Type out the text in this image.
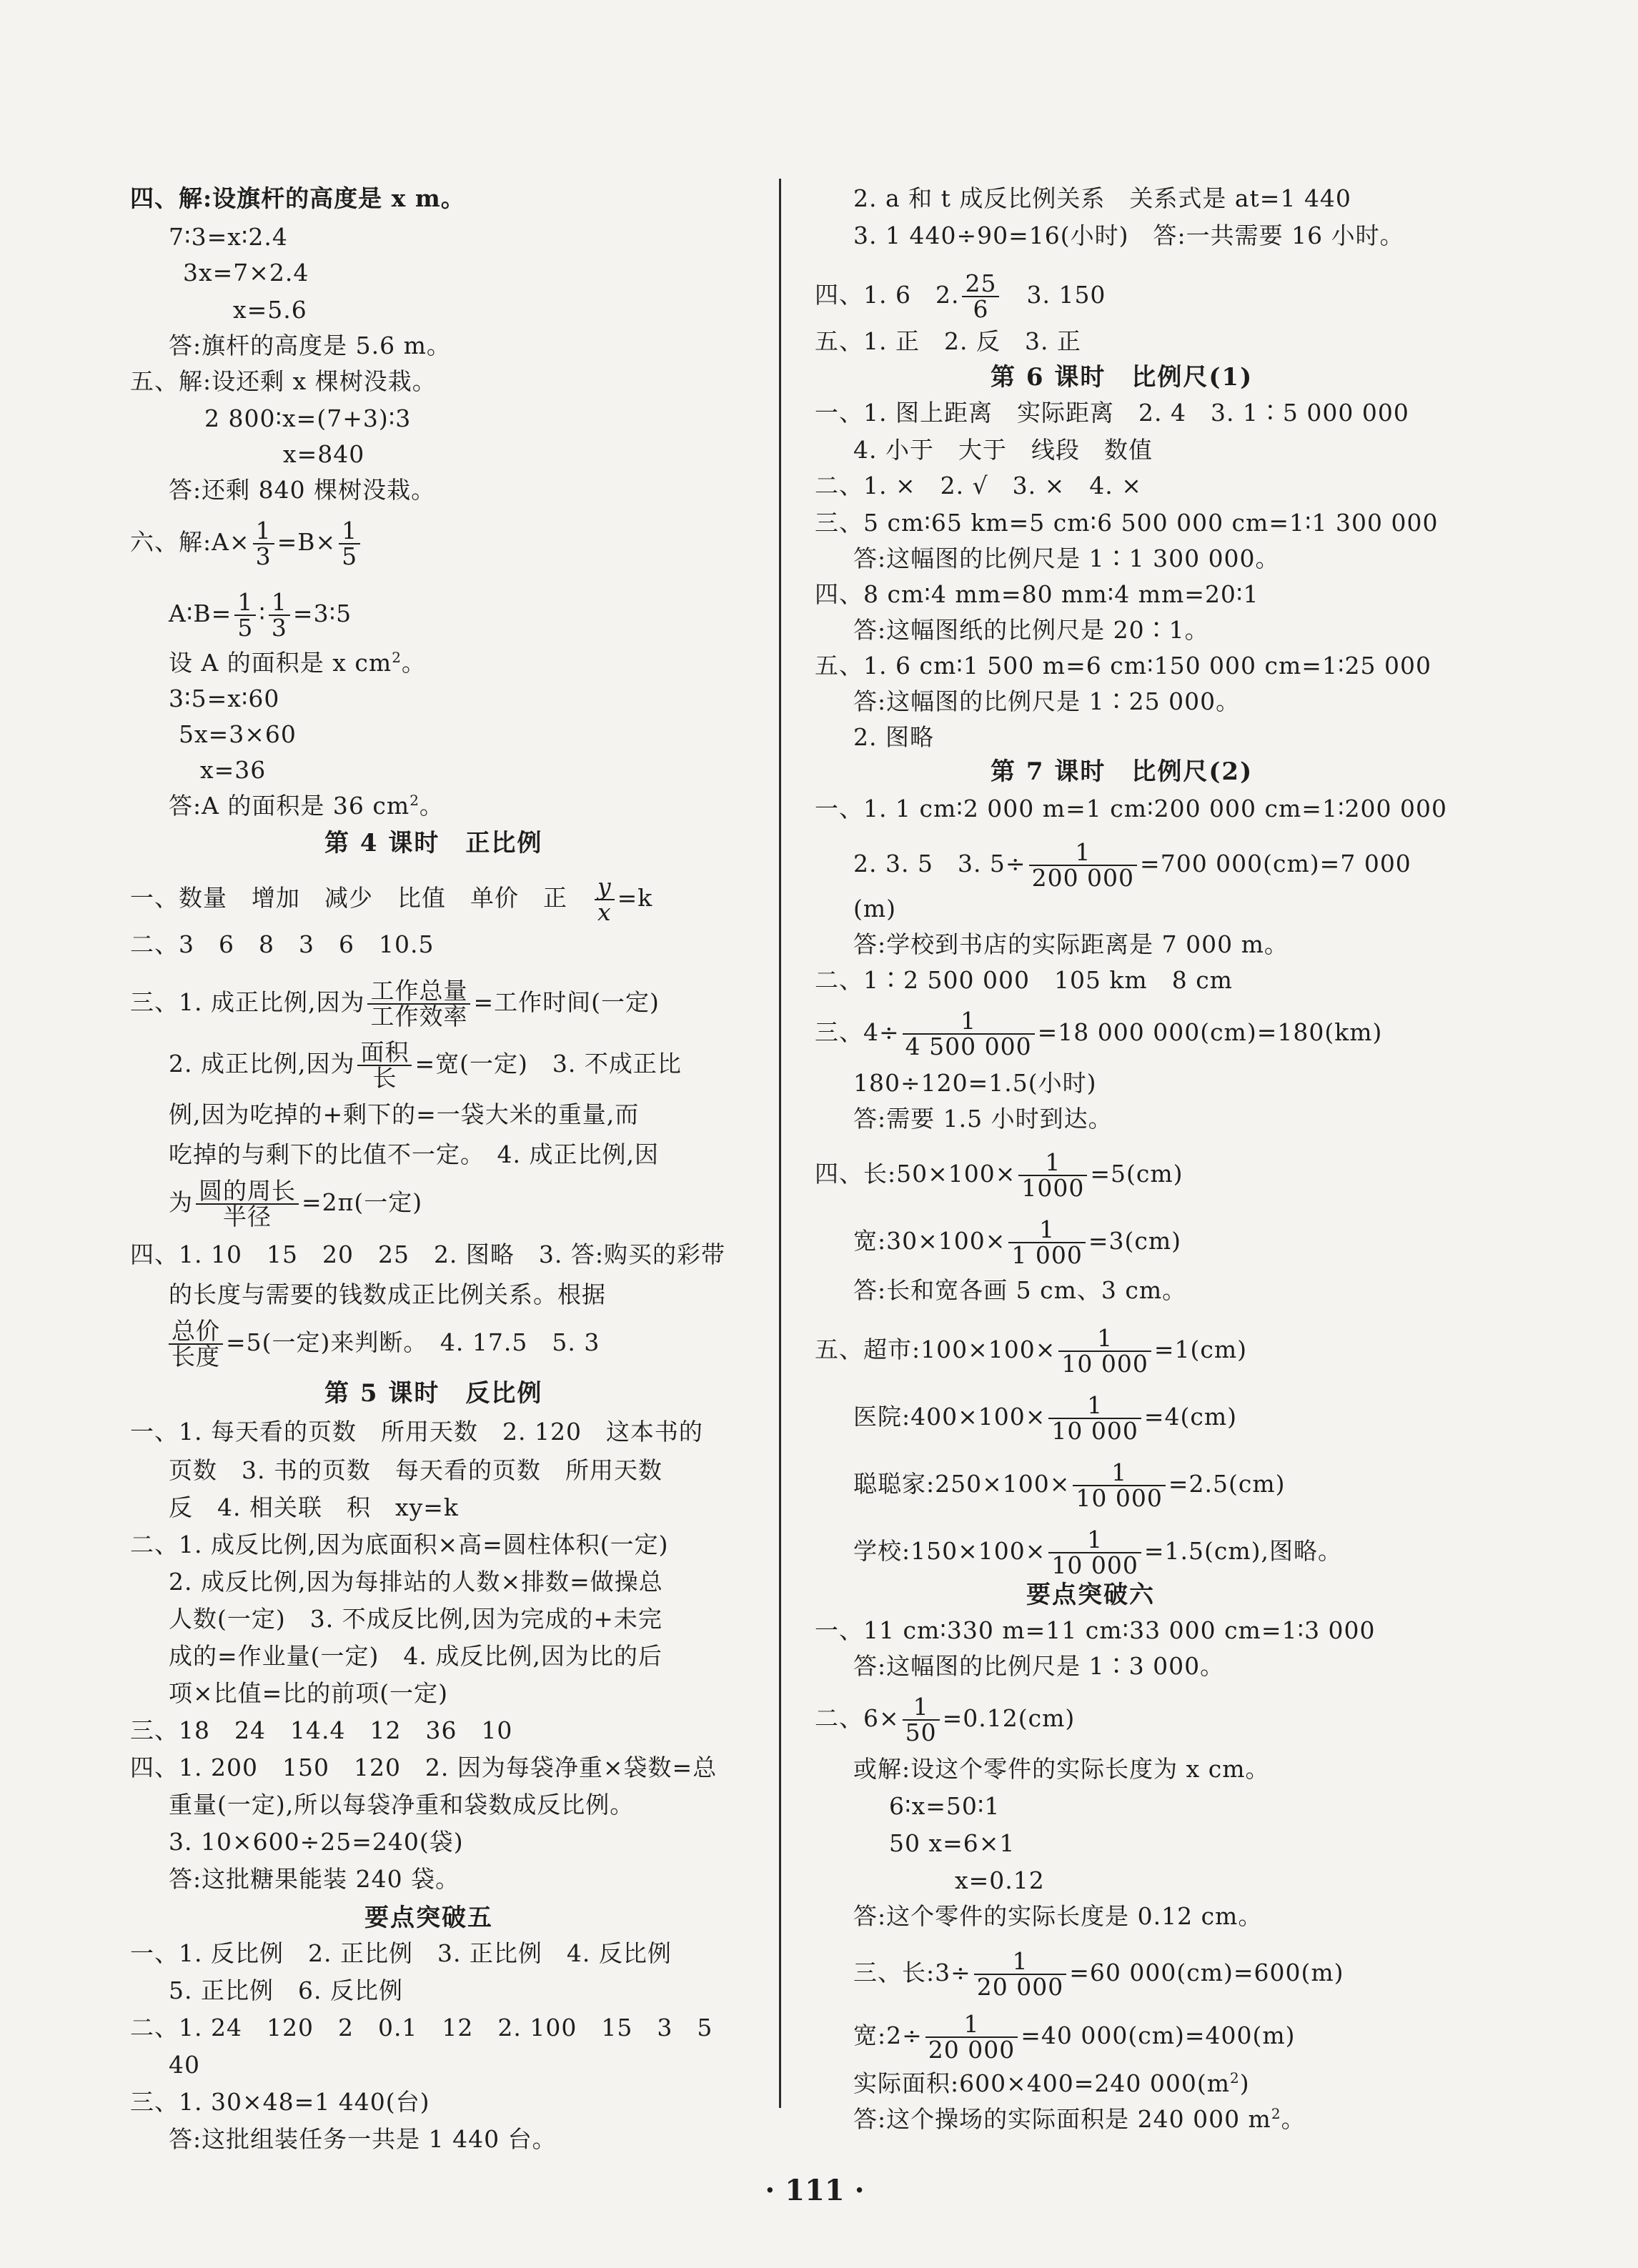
四、解:设旗杆的高度是 x m。
7∶3=x∶2.4
3x=7×2.4
x=5.6
答:旗杆的高度是 5.6 m。
五、解:设还剩 x 棵树没栽。
2 800∶x=(7+3)∶3
x=840
答:还剩 840 棵树没栽。
六、解:A× $\frac{1}{3} =B\times \frac{1}{5}$
A∶B= $\frac{1}{5}$ ∶ $\frac{1}{3}$ =3∶5
设 A 的面积是 x $cm^2$。
3∶5=x∶60
5x=3×60
x=36
答:A 的面积是 36 $cm^2$。
第 4 课时　正比例
一、数量　增加　减少　比值　单价　正　 $\frac{y}{x} =k$
二、3　6　8　3　6　10.5
三、1. 成正比例,因为 $\frac{\text{工作总量}}{\text{工作效率}}$ =工作时间(一定)
2. 成正比例,因为 $\frac{\text{面积}}{\text{长}}$ =宽(一定)　3. 不成正比
例,因为吃掉的+剩下的=一袋大米的重量,而
吃掉的与剩下的比值不一定。　4. 成正比例,因
为 $\frac{\text{圆的周长}}{\text{半径}} =2\pi$(一定)
四、1. 10　15　20　25　2. 图略　3. 答:购买的彩带
的长度与需要的钱数成正比例关系。根据
$\frac{\text{总价}}{\text{长度}} =5$(一定)来判断。　4. 17.5　5. 3
第 5 课时　反比例
一、1. 每天看的页数　所用天数　2. 120　这本书的
页数　3. 书的页数　每天看的页数　所用天数
反　4. 相关联　积　xy=k
二、1. 成反比例,因为底面积×高=圆柱体积(一定)
2. 成反比例,因为每排站的人数×排数=做操总
人数(一定)　3. 不成反比例,因为完成的+未完
成的=作业量(一定)　4. 成反比例,因为比的后
项×比值=比的前项(一定)
三、18　24　14.4　12　36　10
四、1. 200　150　120　2. 因为每袋净重×袋数=总
重量(一定),所以每袋净重和袋数成反比例。
3. 10×600÷25=240(袋)
答:这批糖果能装 240 袋。
要点突破五
一、1. 反比例　2. 正比例　3. 正比例　4. 反比例
5. 正比例　6. 反比例
二、1. 24　120　2　0.1　12　2. 100　15　3　5
40
三、1. 30×48=1 440(台)
答:这批组装任务一共是 1 440 台。
2. a 和 t 成反比例关系　关系式是 at=1 440
3. 1 440÷90=16(小时)　答:一共需要 16 小时。
四、1. 6　2. $\frac{25}{6}$
　 3. 150
五、1. 正　2. 反　3. 正
第 6 课时　比例尺(1)
一、1. 图上距离　实际距离　2. 4　3. 1∶5 000 000
4. 小于　大于　线段　数值
二、1. ×　2. √　3. ×　4. ×
三、5 cm∶65 km=5 cm∶6 500 000 cm=1∶1 300 000
答:这幅图的比例尺是 1∶1 300 000。
四、8 cm∶4 mm=80 mm∶4 mm=20∶1
答:这幅图纸的比例尺是 20∶1。
五、1. 6 cm∶1 500 m=6 cm∶150 000 cm=1∶25 000
答:这幅图的比例尺是 1∶25 000。
2. 图略
第 7 课时　比例尺(2)
一、1. 1 cm∶2 000 m=1 cm∶200 000 cm=1∶200 000
2. 3. 5　3. $5\div \frac{1}{200 000} =700$ 000(cm)=7 000
(m)
答:学校到书店的实际距离是 7 000 m。
二、1∶2 500 000　105 km　8 cm
三、$4\div \frac{1}{4 500 000} =18$ 000 000(cm)=180(km)
180÷120=1.5(小时)
答:需要 1.5 小时到达。
四、长:50×100× $\frac{1}{1000} =5(cm)$
宽:30×100× $\frac{1}{1 000} =3(cm)$
答:长和宽各画 5 cm、3 cm。
五、超市:100×100× $\frac{1}{10 000} =1(cm)$
医院:400×100× $\frac{1}{10 000} =4(cm)$
聪聪家:250×100× $\frac{1}{10 000} =2.5(cm)$
学校:150×100× $\frac{1}{10 000} =1.5(cm)$,图略。
要点突破六
一、11 cm∶330 m=11 cm∶33 000 cm=1∶3 000
答:这幅图的比例尺是 1∶3 000。
二、$6\times \frac{1}{50} =0.12(cm)$
或解:设这个零件的实际长度为 x cm。
6∶x=50∶1
50 x=6×1
x=0.12
答:这个零件的实际长度是 0.12 cm。
三、长:3÷ $\frac{1}{20 000} =60$ 000(cm)=600(m)
宽:2÷ $\frac{1}{20 000} =40$ 000(cm)=400(m)
实际面积:600×400=240 $000(m^2)$
答:这个操场的实际面积是 240 000 $m^2$。
· 111 ·
